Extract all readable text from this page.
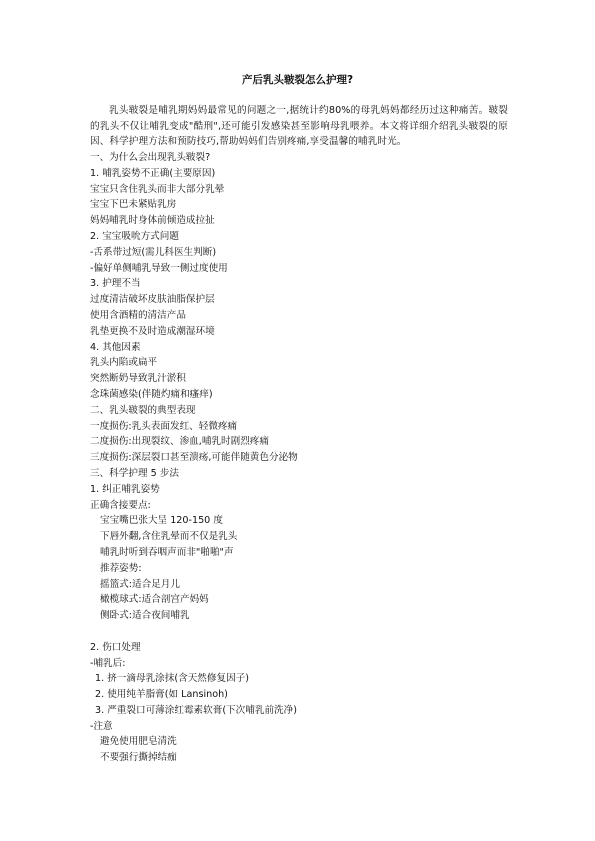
产后乳头皲裂怎么护理?
乳头皲裂是哺乳期妈妈最常见的问题之一,据统计约80%的母乳妈妈都经历过这种痛苦。皲裂的乳头不仅让哺乳变成"酷刑",还可能引发感染甚至影响母乳喂养。本文将详细介绍乳头皲裂的原因、科学护理方法和预防技巧,帮助妈妈们告别疼痛,享受温馨的哺乳时光。
一、为什么会出现乳头皲裂?
1. 哺乳姿势不正确(主要原因)
宝宝只含住乳头而非大部分乳晕
宝宝下巴未紧贴乳房
妈妈哺乳时身体前倾造成拉扯
2. 宝宝吸吮方式问题
-舌系带过短(需儿科医生判断)
-偏好单侧哺乳导致一侧过度使用
3. 护理不当
过度清洁破坏皮肤油脂保护层
使用含酒精的清洁产品
乳垫更换不及时造成潮湿环境
4. 其他因素
乳头内陷或扁平
突然断奶导致乳汁淤积
念珠菌感染(伴随灼痛和瘙痒)
二、乳头皲裂的典型表现
一度损伤:乳头表面发红、轻微疼痛
二度损伤:出现裂纹、渗血,哺乳时剧烈疼痛
三度损伤:深层裂口甚至溃疡,可能伴随黄色分泌物
三、科学护理 5 步法
1. 纠正哺乳姿势
正确含接要点:
宝宝嘴巴张大呈 120-150 度
下唇外翻,含住乳晕而不仅是乳头
哺乳时听到吞咽声而非"啪啪"声
推荐姿势:
摇篮式:适合足月儿
橄榄球式:适合剖宫产妈妈
侧卧式:适合夜间哺乳
2. 伤口处理
-哺乳后:
1. 挤一滴母乳涂抹(含天然修复因子)
2. 使用纯羊脂膏(如 Lansinoh)
3. 严重裂口可薄涂红霉素软膏(下次哺乳前洗净)
-注意
避免使用肥皂清洗
不要强行撕掉结痂
